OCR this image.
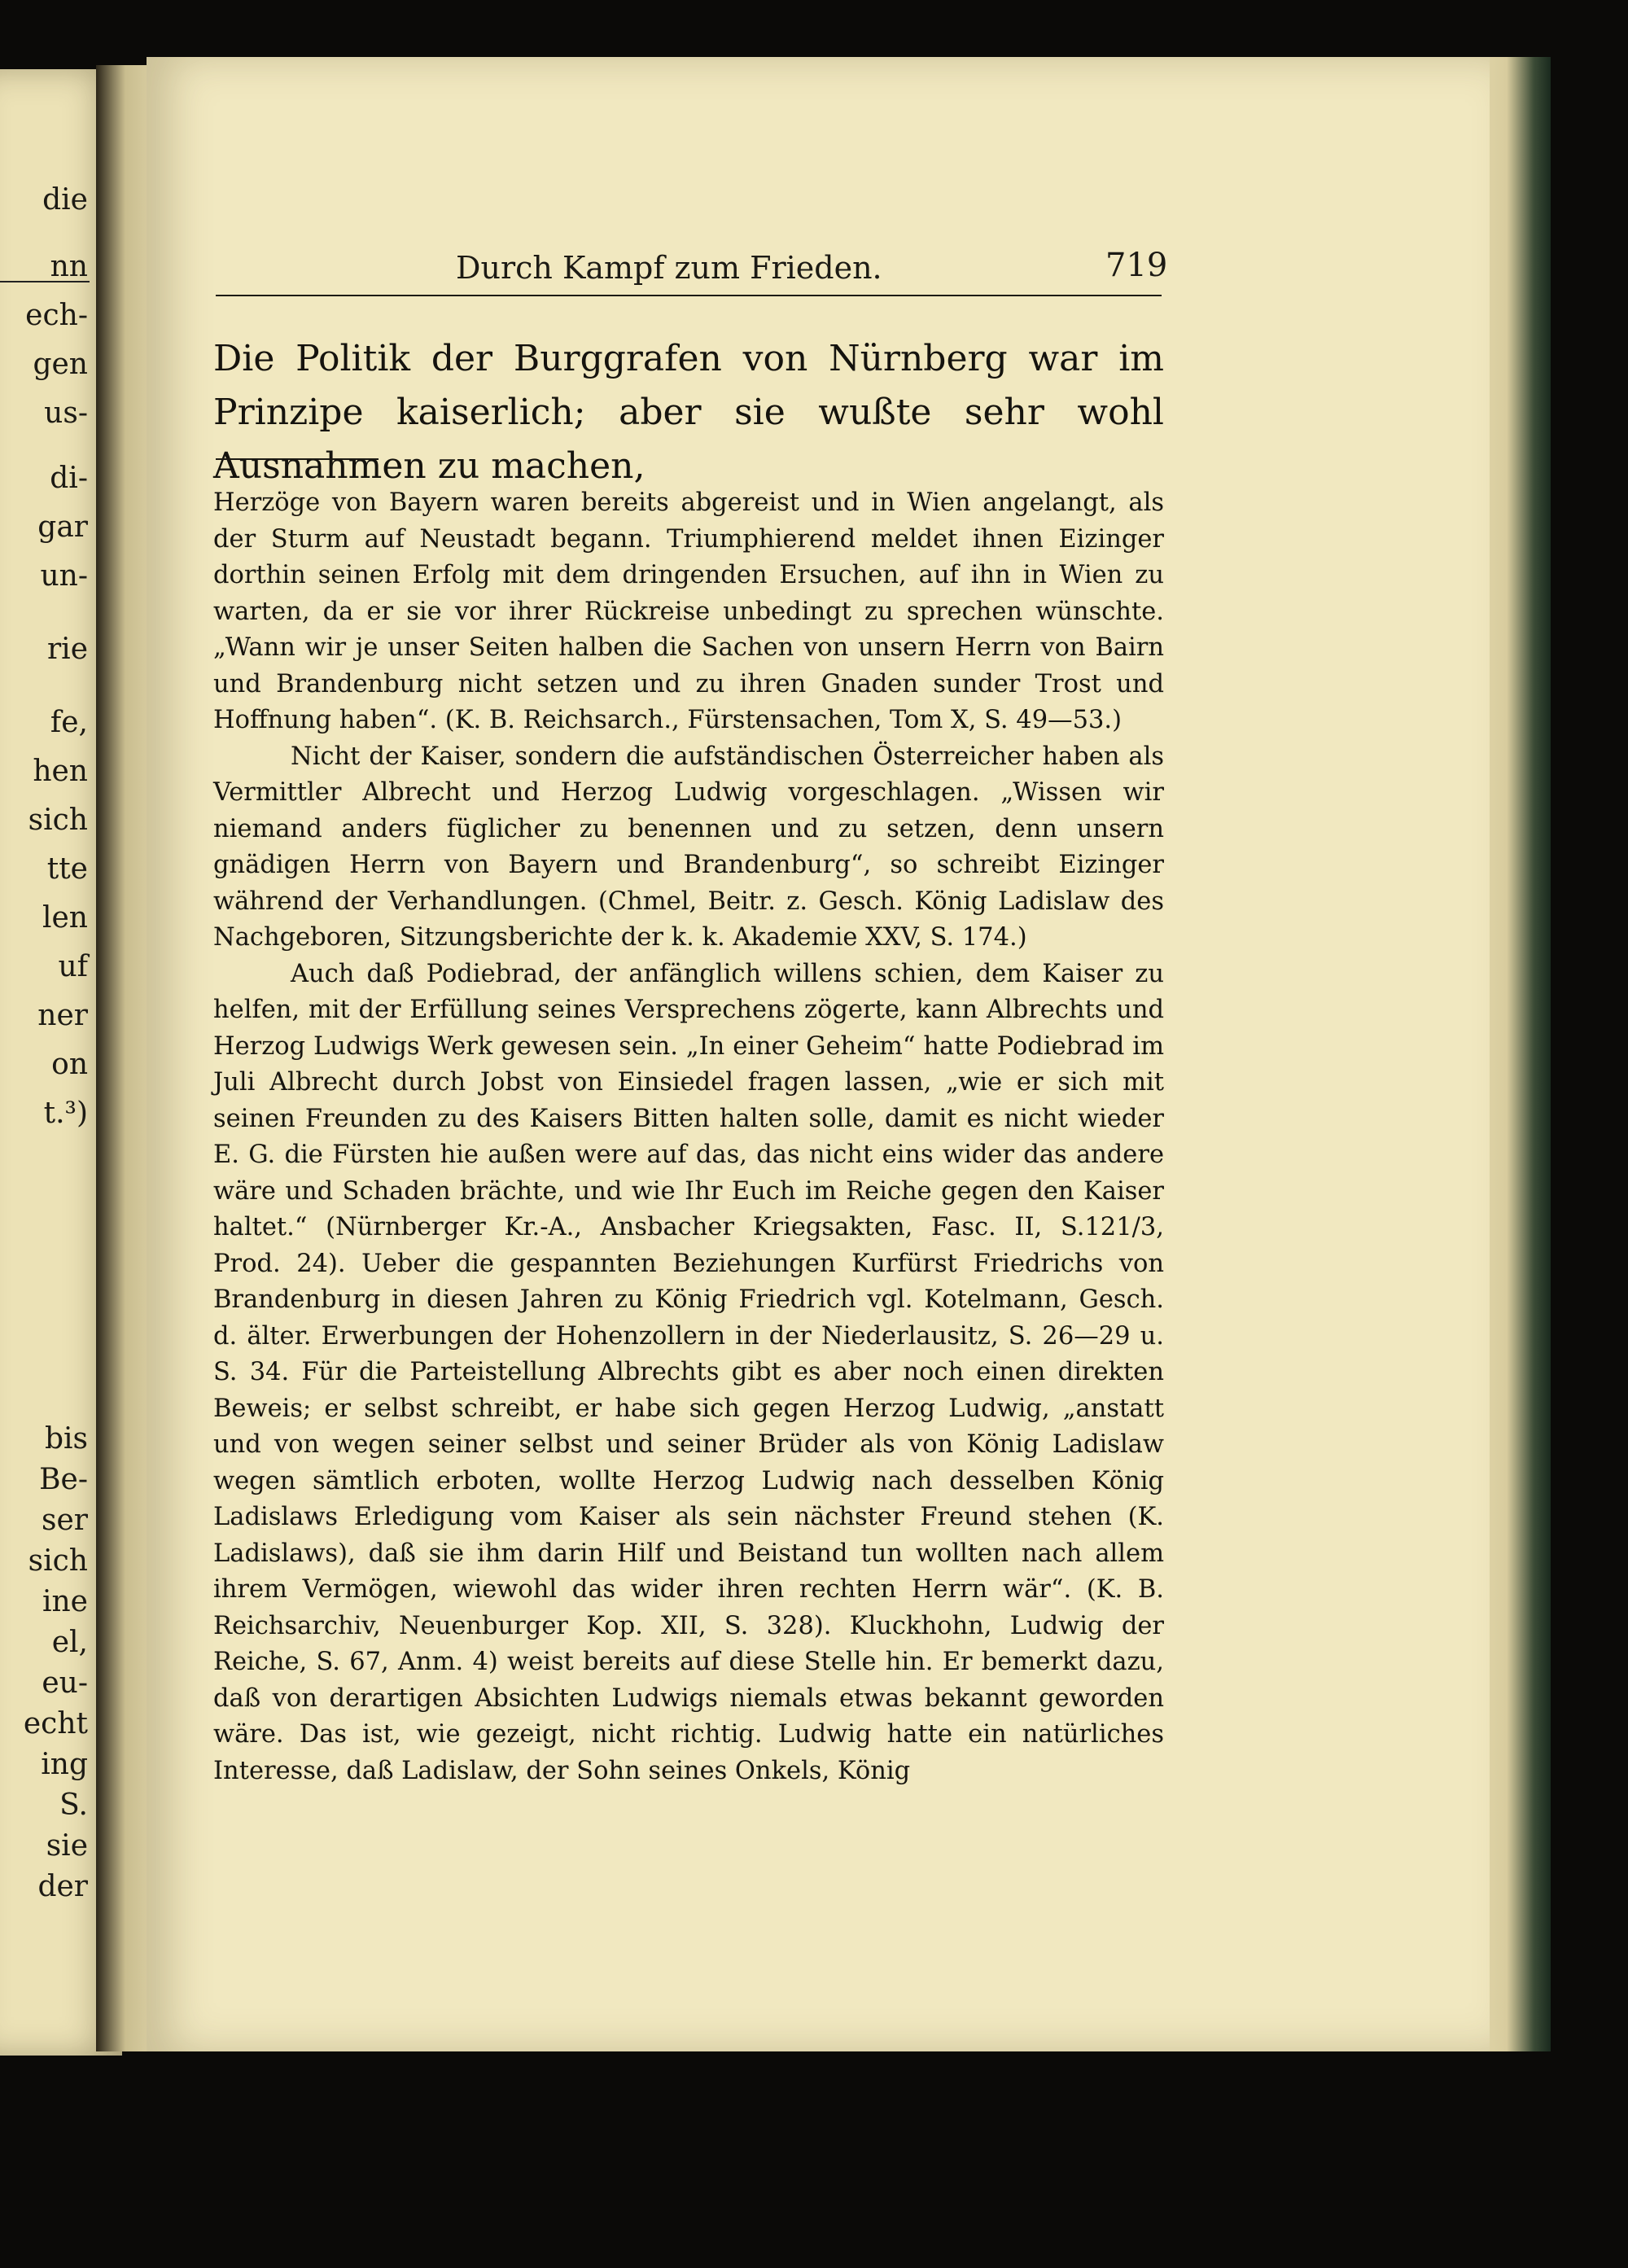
die
nn
ech-
gen
us-
di-
gar
un-
rie
fe,
hen
sich
tte
len
uf
ner
on
t.³)
bis
Be-
ser
sich
ine
el,
eu-
echt
ing
S.
sie
der
Durch Kampf zum Frieden.	719

Die Politik der Burggrafen von Nürnberg war im Prinzipe kaiserlich; aber sie wußte sehr wohl Ausnahmen zu machen,

Herzöge von Bayern waren bereits abgereist und in Wien angelangt, als der Sturm auf Neustadt begann. Triumphierend meldet ihnen Eizinger dorthin seinen Erfolg mit dem dringenden Ersuchen, auf ihn in Wien zu warten, da er sie vor ihrer Rückreise unbedingt zu sprechen wünschte. „Wann wir je unser Seiten halben die Sachen von unsern Herrn von Bairn und Brandenburg nicht setzen und zu ihren Gnaden sunder Trost und Hoffnung haben“. (K. B. Reichsarch., Fürstensachen, Tom X, S. 49—53.)

Nicht der Kaiser, sondern die aufständischen Österreicher haben als Vermittler Albrecht und Herzog Ludwig vorgeschlagen. „Wissen wir niemand anders füglicher zu benennen und zu setzen, denn unsern gnädigen Herrn von Bayern und Brandenburg“, so schreibt Eizinger während der Verhandlungen. (Chmel, Beitr. z. Gesch. König Ladislaw des Nachgeboren, Sitzungsberichte der k. k. Akademie XXV, S. 174.)

Auch daß Podiebrad, der anfänglich willens schien, dem Kaiser zu helfen, mit der Erfüllung seines Versprechens zögerte, kann Albrechts und Herzog Ludwigs Werk gewesen sein. „In einer Geheim“ hatte Podiebrad im Juli Albrecht durch Jobst von Einsiedel fragen lassen, „wie er sich mit seinen Freunden zu des Kaisers Bitten halten solle, damit es nicht wieder E. G. die Fürsten hie außen were auf das, das nicht eins wider das andere wäre und Schaden brächte, und wie Ihr Euch im Reiche gegen den Kaiser haltet.“ (Nürnberger Kr.-A., Ansbacher Kriegsakten, Fasc. II, S.121/3, Prod. 24). Ueber die gespannten Beziehungen Kurfürst Friedrichs von Brandenburg in diesen Jahren zu König Friedrich vgl. Kotelmann, Gesch. d. älter. Erwerbungen der Hohenzollern in der Niederlausitz, S. 26—29 u. S. 34. Für die Parteistellung Albrechts gibt es aber noch einen direkten Beweis; er selbst schreibt, er habe sich gegen Herzog Ludwig, „anstatt und von wegen seiner selbst und seiner Brüder als von König Ladislaw wegen sämtlich erboten, wollte Herzog Ludwig nach desselben König Ladislaws Erledigung vom Kaiser als sein nächster Freund stehen (K. Ladislaws), daß sie ihm darin Hilf und Beistand tun wollten nach allem ihrem Vermögen, wiewohl das wider ihren rechten Herrn wär“. (K. B. Reichsarchiv, Neuenburger Kop. XII, S. 328). Kluckhohn, Ludwig der Reiche, S. 67, Anm. 4) weist bereits auf diese Stelle hin. Er bemerkt dazu, daß von derartigen Absichten Ludwigs niemals etwas bekannt geworden wäre. Das ist, wie gezeigt, nicht richtig. Ludwig hatte ein natürliches Interesse, daß Ladislaw, der Sohn seines Onkels, König
